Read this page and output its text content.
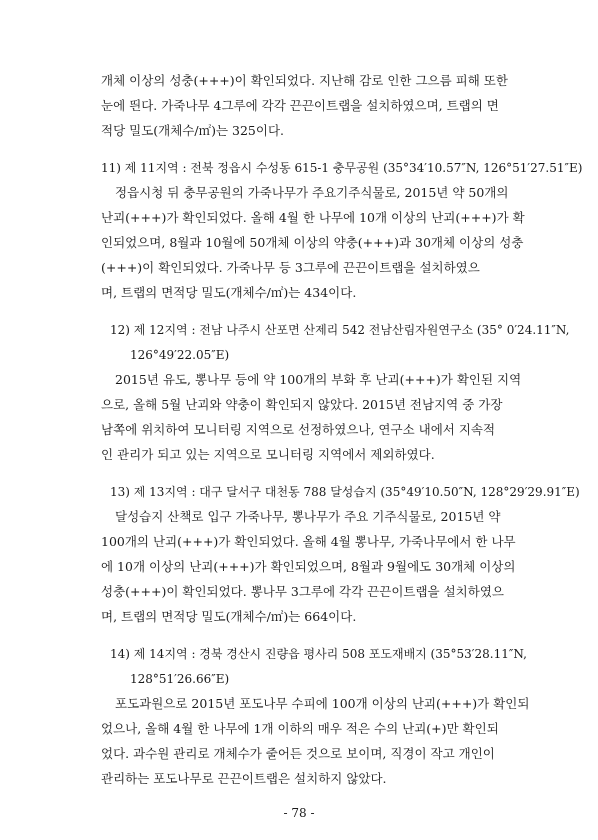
개체 이상의 성충(+++)이 확인되었다. 지난해 감로 인한 그으름 피해 또한
눈에 띈다. 가죽나무 4그루에 각각 끈끈이트랩을 설치하였으며, 트랩의 면
적당 밀도(개체수/㎡)는 325이다.
11) 제 11지역 : 전북 정읍시 수성동 615-1 충무공원 (35°34′10.57″N, 126°51′27.51″E)
정읍시청 뒤 충무공원의 가죽나무가 주요기주식물로, 2015년 약 50개의
난괴(+++)가 확인되었다. 올해 4월 한 나무에 10개 이상의 난괴(+++)가 확
인되었으며, 8월과 10월에 50개체 이상의 약충(+++)과 30개체 이상의 성충
(+++)이 확인되었다. 가죽나무 등 3그루에 끈끈이트랩을 설치하였으
며, 트랩의 면적당 밀도(개체수/㎡)는 434이다.
12) 제 12지역 : 전남 나주시 산포면 산제리 542 전남산림자원연구소 (35° 0′24.11″N,
126°49′22.05″E)
2015년 유도, 뽕나무 등에 약 100개의 부화 후 난괴(+++)가 확인된 지역
으로, 올해 5월 난괴와 약충이 확인되지 않았다. 2015년 전남지역 중 가장
남쪽에 위치하여 모니터링 지역으로 선정하였으나, 연구소 내에서 지속적
인 관리가 되고 있는 지역으로 모니터링 지역에서 제외하였다.
13) 제 13지역 : 대구 달서구 대천동 788 달성습지 (35°49′10.50″N, 128°29′29.91″E)
달성습지 산책로 입구 가죽나무, 뽕나무가 주요 기주식물로, 2015년 약
100개의 난괴(+++)가 확인되었다. 올해 4월 뽕나무, 가죽나무에서 한 나무
에 10개 이상의 난괴(+++)가 확인되었으며, 8월과 9월에도 30개체 이상의
성충(+++)이 확인되었다. 뽕나무 3그루에 각각 끈끈이트랩을 설치하였으
며, 트랩의 면적당 밀도(개체수/㎡)는 664이다.
14) 제 14지역 : 경북 경산시 진량읍 평사리 508 포도재배지 (35°53′28.11″N,
128°51′26.66″E)
포도과원으로 2015년 포도나무 수피에 100개 이상의 난괴(+++)가 확인되
었으나, 올해 4월 한 나무에 1개 이하의 매우 적은 수의 난괴(+)만 확인되
었다. 과수원 관리로 개체수가 줄어든 것으로 보이며, 직경이 작고 개인이
관리하는 포도나무로 끈끈이트랩은 설치하지 않았다.
- 78 -
